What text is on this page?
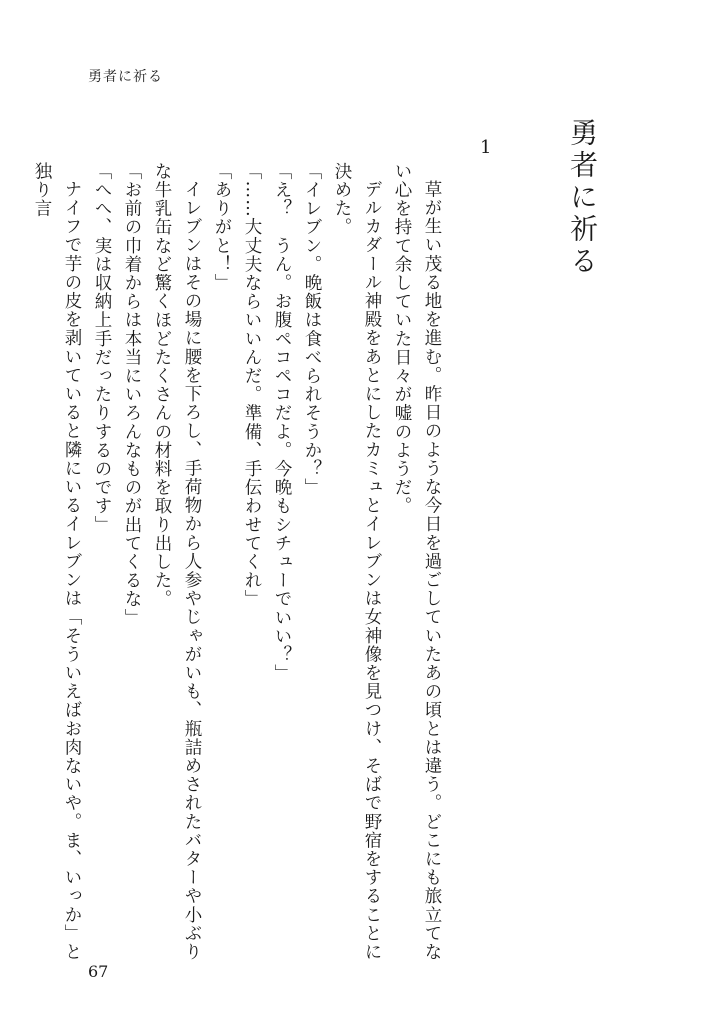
勇者に祈る
勇者に祈る
1

草が生い茂る地を進む。昨日のような今日を過ごしていたあの頃とは違う。どこにも旅立てない心を持て余していた日々が嘘のようだ。

デルカダール神殿をあとにしたカミュとイレブンは女神像を見つけ、そばで野宿をすることに決めた。

「イレブン。晩飯は食べられそうか？」

「え？　うん。お腹ペコペコだよ。今晩もシチューでいい？」

「……大丈夫ならいいんだ。準備、手伝わせてくれ」

「ありがと！」

イレブンはその場に腰を下ろし、手荷物から人参やじゃがいも、瓶詰めされたバターや小ぶりな牛乳缶など驚くほどたくさんの材料を取り出した。

「お前の巾着からは本当にいろんなものが出てくるな」

「へへ、実は収納上手だったりするのです」

ナイフで芋の皮を剥いていると隣にいるイレブンは「そういえばお肉ないや。ま、いっか」と独り言

67
